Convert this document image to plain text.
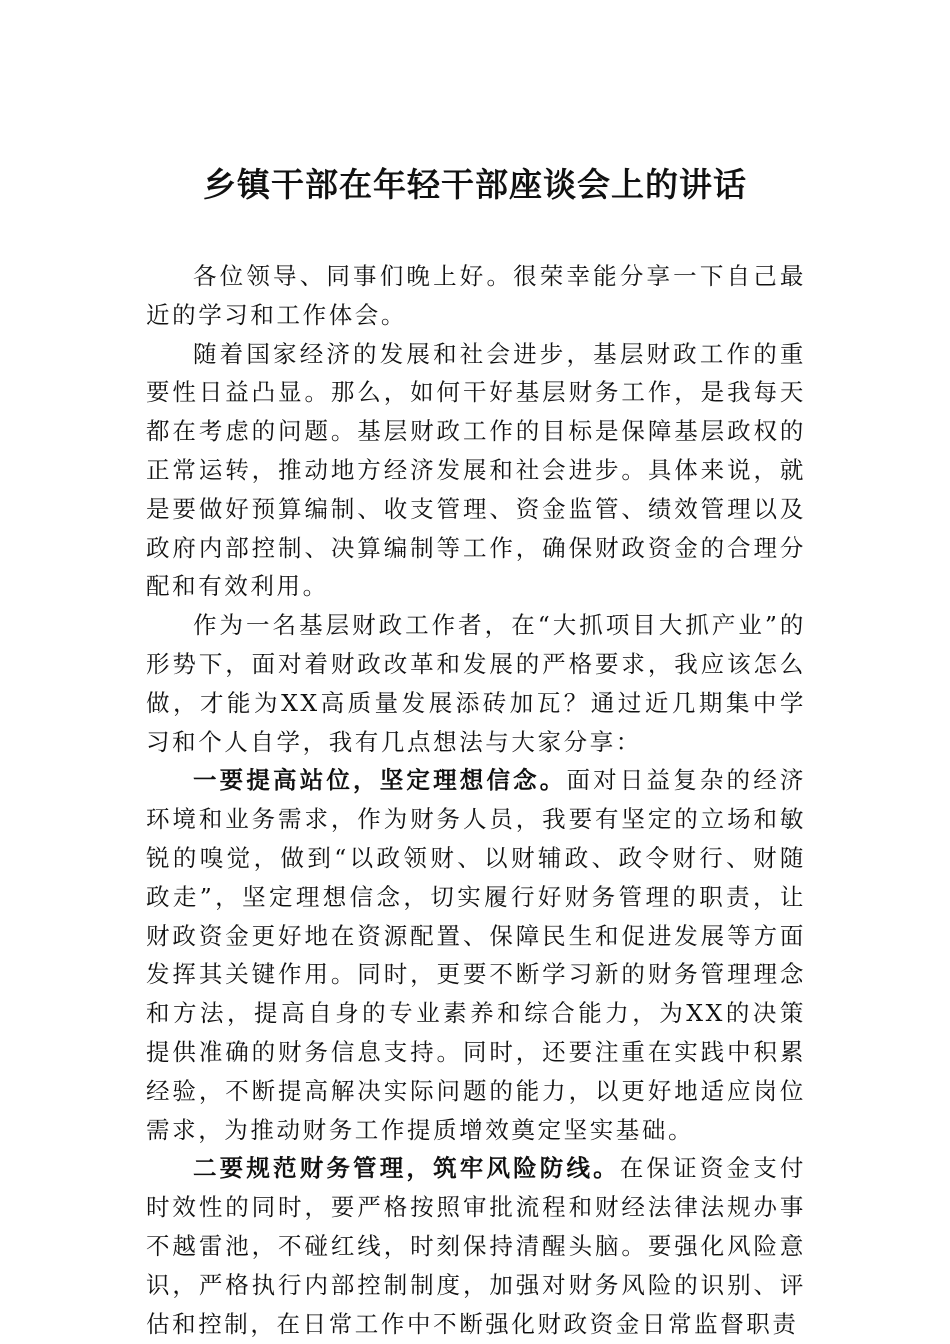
乡镇干部在年轻干部座谈会上的讲话

各位领导、同事们晚上好。很荣幸能分享一下自己最近的学习和工作体会。

随着国家经济的发展和社会进步，基层财政工作的重要性日益凸显。那么，如何干好基层财务工作，是我每天都在考虑的问题。基层财政工作的目标是保障基层政权的正常运转，推动地方经济发展和社会进步。具体来说，就是要做好预算编制、收支管理、资金监管、绩效管理以及政府内部控制、决算编制等工作，确保财政资金的合理分配和有效利用。

作为一名基层财政工作者，在“大抓项目大抓产业”的形势下，面对着财政改革和发展的严格要求，我应该怎么做，才能为XX高质量发展添砖加瓦？通过近几期集中学习和个人自学，我有几点想法与大家分享：

一要提高站位，坚定理想信念。面对日益复杂的经济环境和业务需求，作为财务人员，我要有坚定的立场和敏锐的嗅觉，做到“以政领财、以财辅政、政令财行、财随政走”，坚定理想信念，切实履行好财务管理的职责，让财政资金更好地在资源配置、保障民生和促进发展等方面发挥其关键作用。同时，更要不断学习新的财务管理理念和方法，提高自身的专业素养和综合能力，为XX的决策提供准确的财务信息支持。同时，还要注重在实践中积累经验，不断提高解决实际问题的能力，以更好地适应岗位需求，为推动财务工作提质增效奠定坚实基础。

二要规范财务管理，筑牢风险防线。在保证资金支付时效性的同时，要严格按照审批流程和财经法律法规办事不越雷池，不碰红线，时刻保持清醒头脑。要强化风险意识，严格执行内部控制制度，加强对财务风险的识别、评估和控制，在日常工作中不断强化财政资金日常监督职责
